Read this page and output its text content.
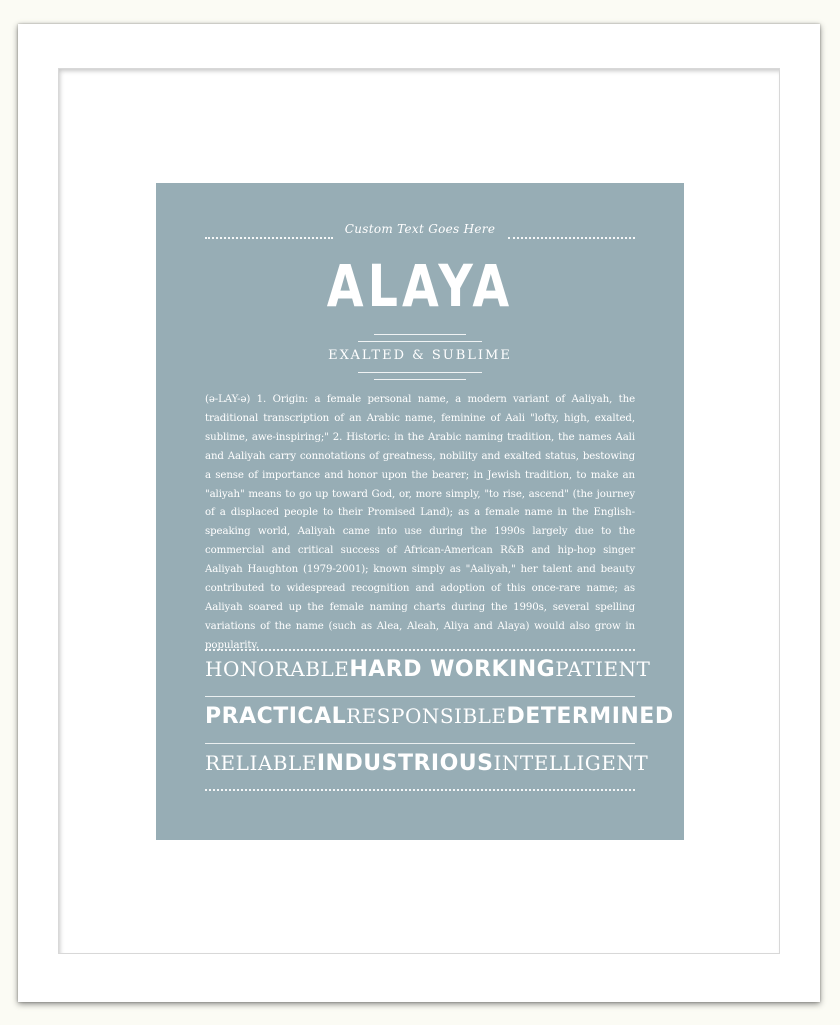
Custom Text Goes Here
ALAYA
EXALTED & SUBLIME
(ə-LAY-ə) 1. Origin: a female personal name, a modern variant of Aaliyah, the traditional transcription of an Arabic name, feminine of Aali "lofty, high, exalted, sublime, awe-inspiring;" 2. Historic: in the Arabic naming tradition, the names Aali and Aaliyah carry connotations of greatness, nobility and exalted status, bestowing a sense of importance and honor upon the bearer; in Jewish tradition, to make an "aliyah" means to go up toward God, or, more simply, "to rise, ascend" (the journey of a displaced people to their Promised Land); as a female name in the English-speaking world, Aaliyah came into use during the 1990s largely due to the commercial and critical success of African-American R&B and hip-hop singer Aaliyah Haughton (1979-2001); known simply as "Aaliyah," her talent and beauty contributed to widespread recognition and adoption of this once-rare name; as Aaliyah soared up the female naming charts during the 1990s, several spelling variations of the name (such as Alea, Aleah, Aliya and Alaya) would also grow in popularity.
HONORABLE HARD WORKING PATIENT
PRACTICAL RESPONSIBLE DETERMINED
RELIABLE INDUSTRIOUS INTELLIGENT
